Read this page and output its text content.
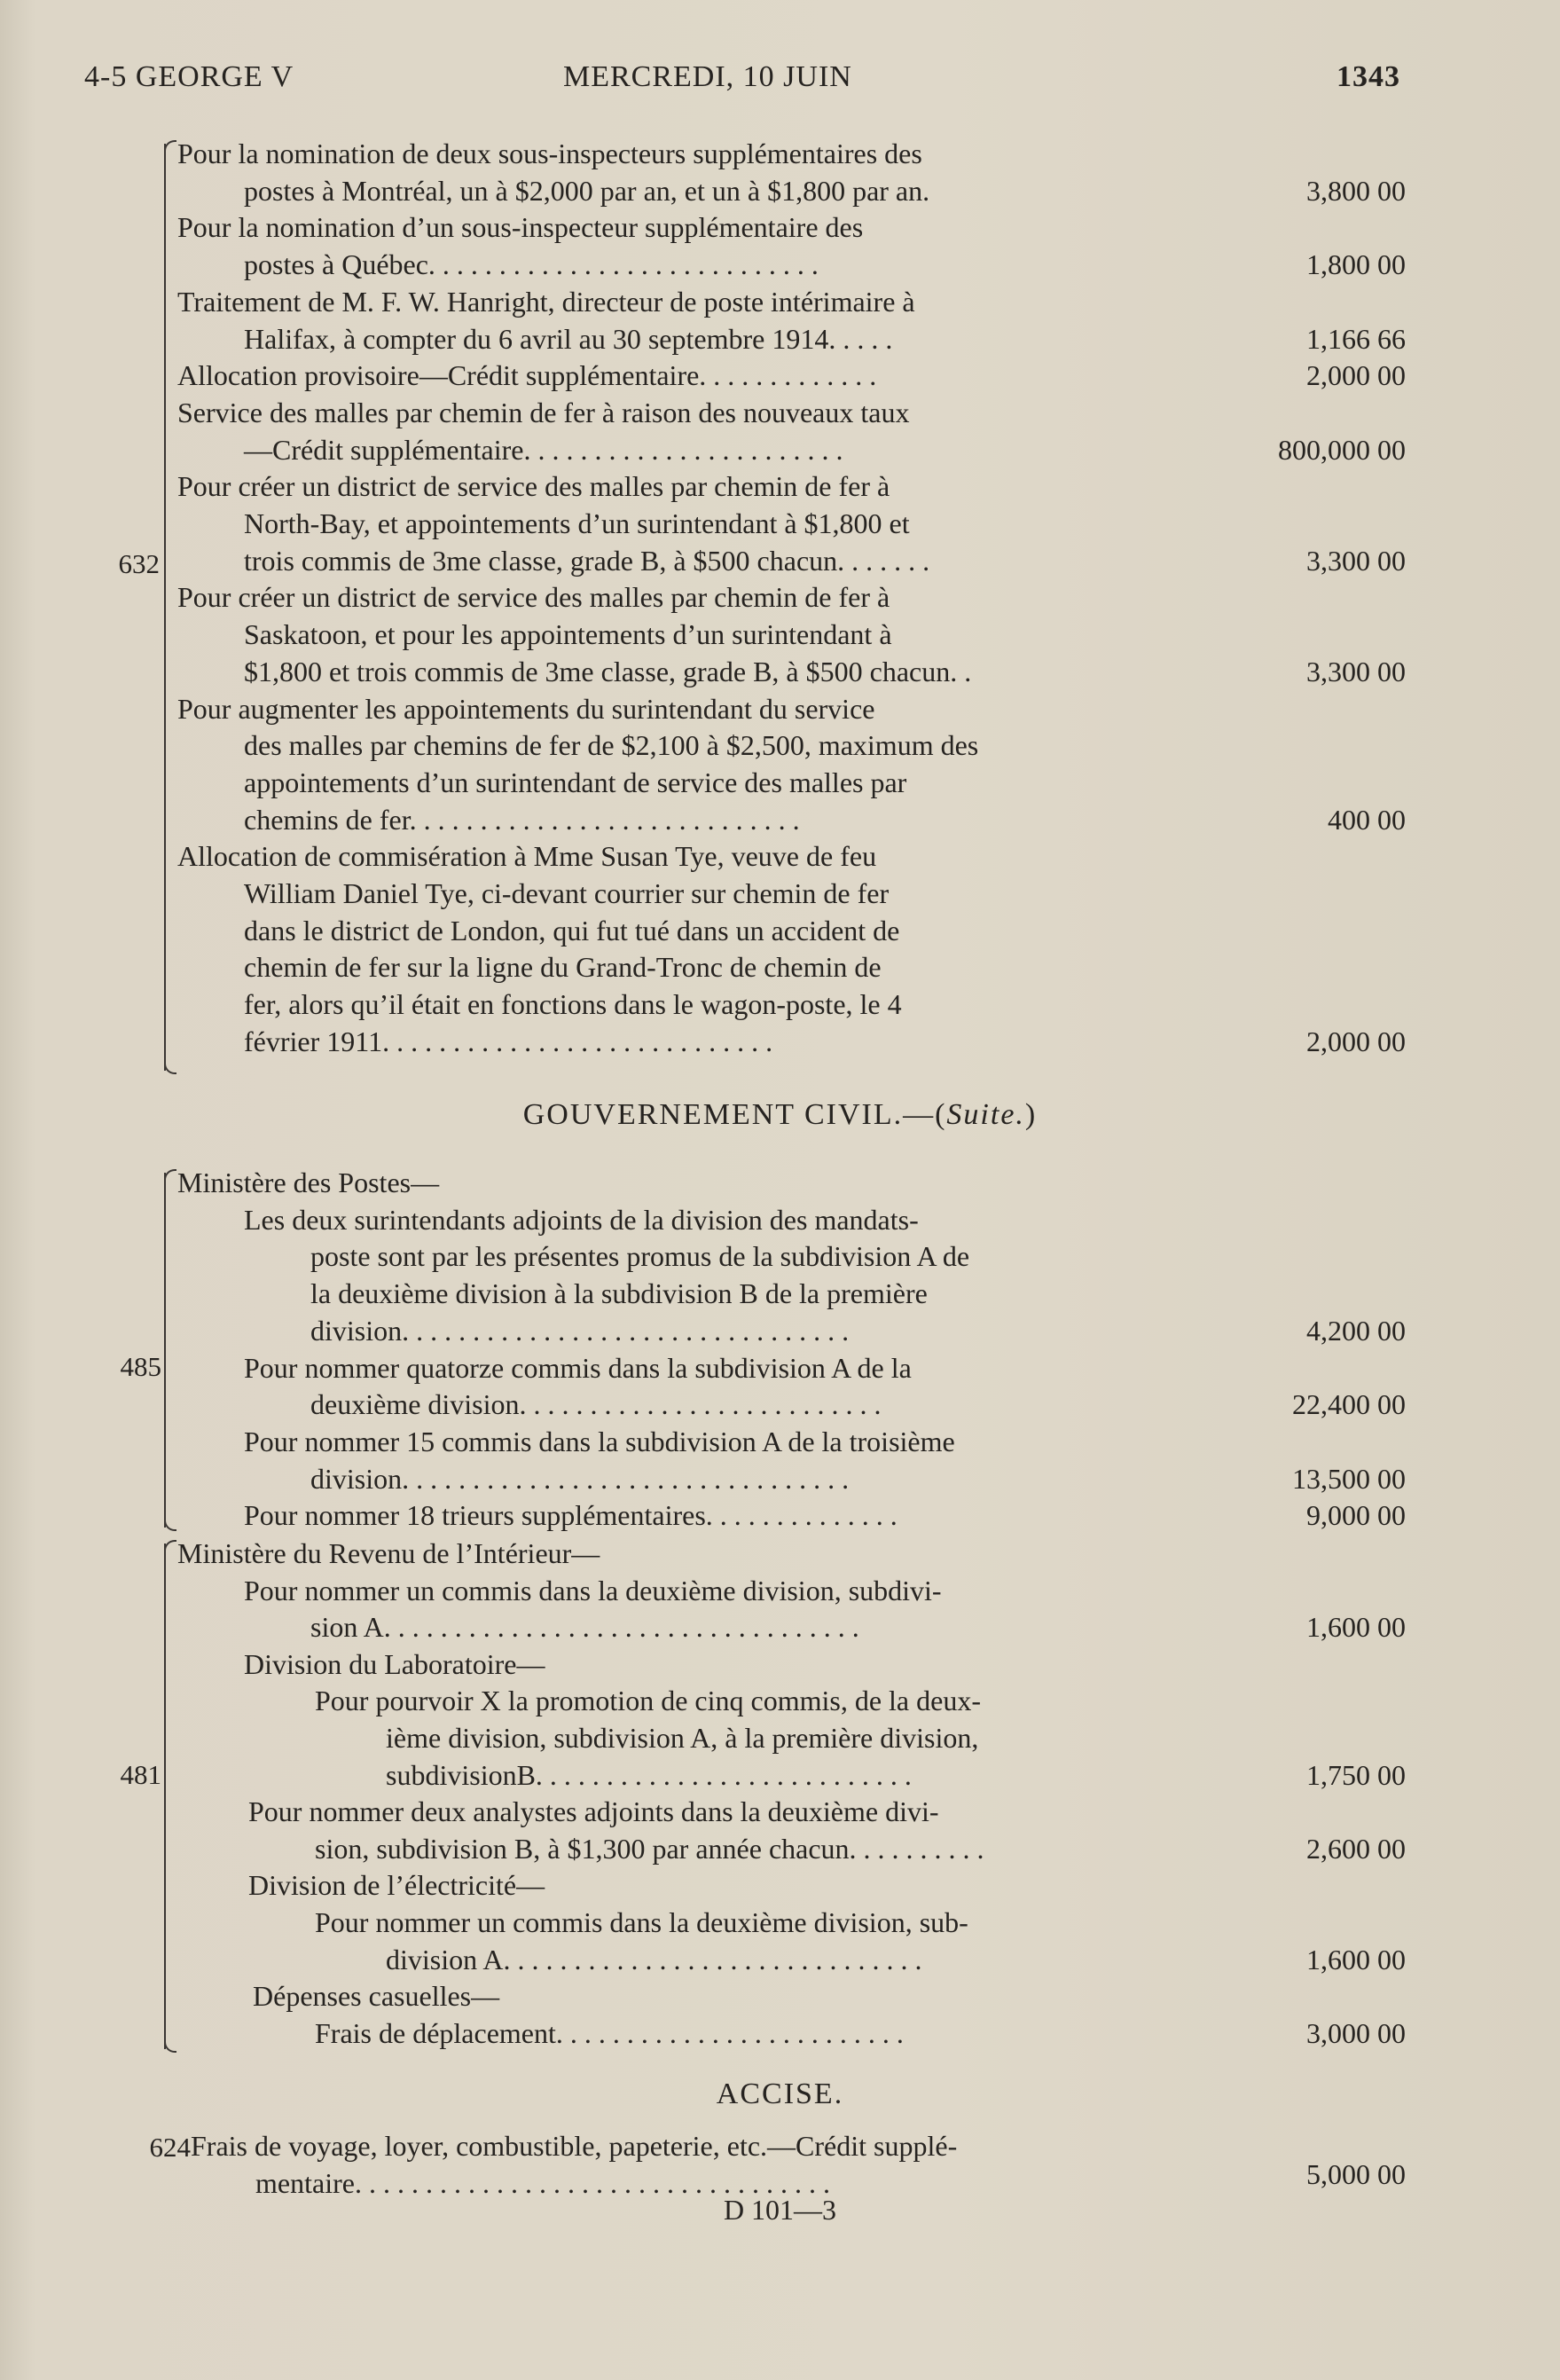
4-5 GEORGE V	MERCREDI, 10 JUIN	1343
632
Pour la nomination de deux sous-inspecteurs supplémentaires des
postes à Montréal, un à $2,000 par an, et un à $1,800 par an.	3,800 00
Pour la nomination d’un sous-inspecteur supplémentaire des
postes à Québec. . . . . . . . . . . . . . . . . . . . . . . . . . . .	1,800 00
Traitement de M. F. W. Hanright, directeur de poste intérimaire à
Halifax, à compter du 6 avril au 30 septembre 1914. . . . .	1,166 66
Allocation provisoire—Crédit supplémentaire. . . . . . . . . . . . .	2,000 00
Service des malles par chemin de fer à raison des nouveaux taux
—Crédit supplémentaire. . . . . . . . . . . . . . . . . . . . . . .	800,000 00
Pour créer un district de service des malles par chemin de fer à
North-Bay, et appointements d’un surintendant à $1,800 et
trois commis de 3me classe, grade B, à $500 chacun. . . . . . .	3,300 00
Pour créer un district de service des malles par chemin de fer à
Saskatoon, et pour les appointements d’un surintendant à
$1,800 et trois commis de 3me classe, grade B, à $500 chacun. .	3,300 00
Pour augmenter les appointements du surintendant du service
des malles par chemins de fer de $2,100 à $2,500, maximum des
appointements d’un surintendant de service des malles par
chemins de fer. . . . . . . . . . . . . . . . . . . . . . . . . . . .	400 00
Allocation de commisération à Mme Susan Tye, veuve de feu
William Daniel Tye, ci-devant courrier sur chemin de fer
dans le district de London, qui fut tué dans un accident de
chemin de fer sur la ligne du Grand-Tronc de chemin de
fer, alors qu’il était en fonctions dans le wagon-poste, le 4
février 1911. . . . . . . . . . . . . . . . . . . . . . . . . . . .	2,000 00
GOUVERNEMENT CIVIL.—(Suite.)
485
Ministère des Postes—
Les deux surintendants adjoints de la division des mandats-
poste sont par les présentes promus de la subdivision A de
la deuxième division à la subdivision B de la première
division. . . . . . . . . . . . . . . . . . . . . . . . . . . . . . . .	4,200 00
Pour nommer quatorze commis dans la subdivision A de la
deuxième division. . . . . . . . . . . . . . . . . . . . . . . . . .	22,400 00
Pour nommer 15 commis dans la subdivision A de la troisième
division. . . . . . . . . . . . . . . . . . . . . . . . . . . . . . . .	13,500 00
Pour nommer 18 trieurs supplémentaires. . . . . . . . . . . . . .	9,000 00
481
Ministère du Revenu de l’Intérieur—
Pour nommer un commis dans la deuxième division, subdivi-
sion A. . . . . . . . . . . . . . . . . . . . . . . . . . . . . . . . . .	1,600 00
Division du Laboratoire—
Pour pourvoir X la promotion de cinq commis, de la deux-
ième division, subdivision A, à la première division,
subdivisionB. . . . . . . . . . . . . . . . . . . . . . . . . . .	1,750 00
Pour nommer deux analystes adjoints dans la deuxième divi-
sion, subdivision B, à $1,300 par année chacun. . . . . . . . . .	2,600 00
Division de l’électricité—
Pour nommer un commis dans la deuxième division, sub-
division A. . . . . . . . . . . . . . . . . . . . . . . . . . . . . .	1,600 00
Dépenses casuelles—
Frais de déplacement. . . . . . . . . . . . . . . . . . . . . . . . .	3,000 00
ACCISE.
624 Frais de voyage, loyer, combustible, papeterie, etc.—Crédit supplé-
mentaire. . . . . . . . . . . . . . . . . . . . . . . . . . . . . . . . . .	5,000 00
D 101—3
